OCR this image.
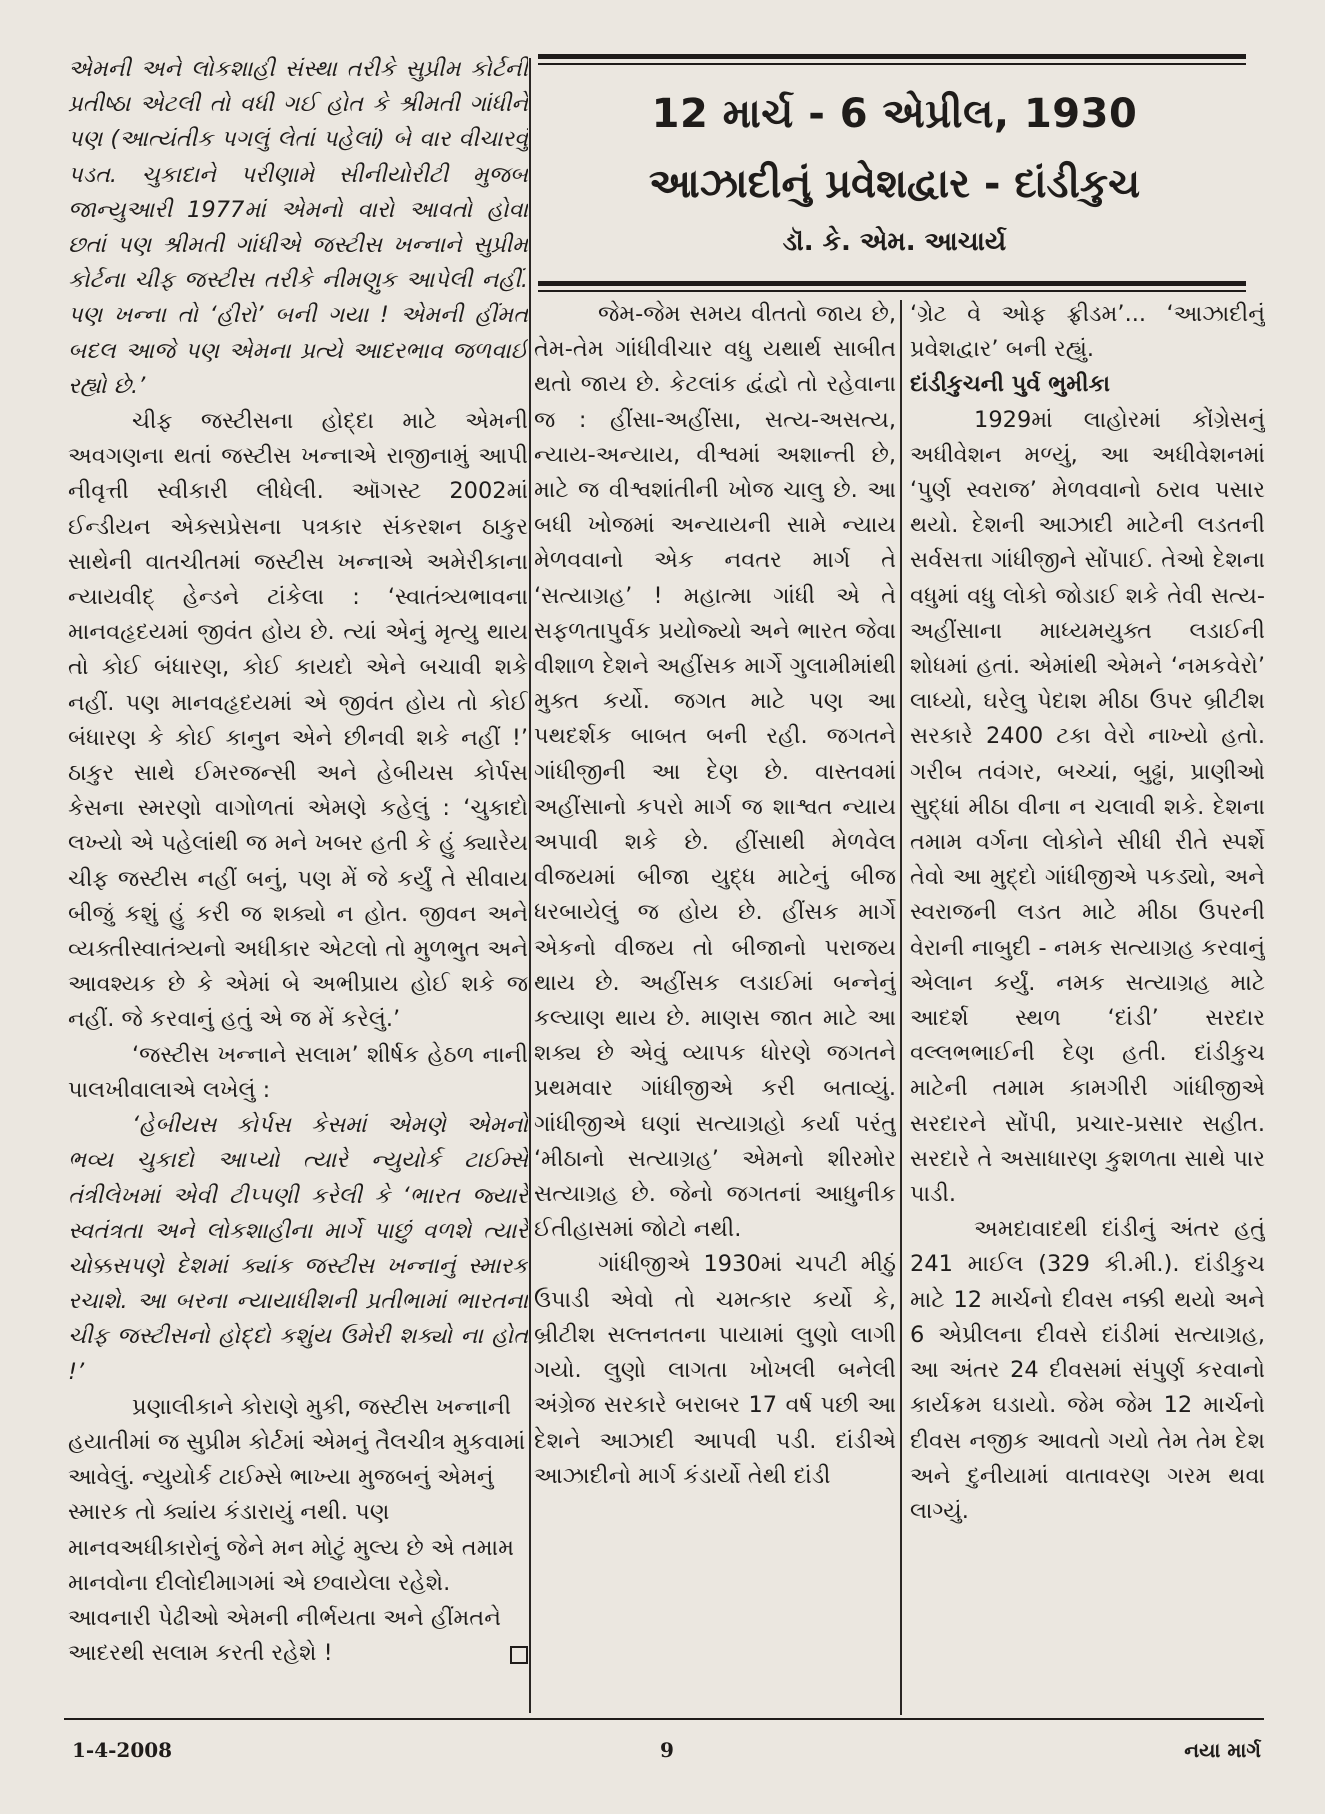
એમની અને લોકશાહી સંસ્થા તરીકે સુપ્રીમ કોર્ટની પ્રતીષ્ઠા એટલી તો વધી ગઈ હોત કે શ્રીમતી ગાંધીને પણ (આત્યંતીક પગલું લેતાં પહેલાં) બે વાર વીચારવું પડત. ચુકાદાને પરીણામે સીનીયોરીટી મુજબ જાન્યુઆરી 1977માં એમનો વારો આવતો હોવા છતાં પણ શ્રીમતી ગાંધીએ જસ્ટીસ ખન્નાને સુપ્રીમ કોર્ટના ચીફ જસ્ટીસ તરીકે નીમણુક આપેલી નહીં. પણ ખન્ના તો ‘હીરો’ બની ગયા ! એમની હીંમત બદલ આજે પણ એમના પ્રત્યે આદરભાવ જળવાઈ રહ્યો છે.’

ચીફ જસ્ટીસના હોદ્દા માટે એમની અવગણના થતાં જસ્ટીસ ખન્નાએ રાજીનામું આપી નીવૃત્તી સ્વીકારી લીધેલી. ઑગસ્ટ 2002માં ઈન્ડીયન એક્સપ્રેસના પત્રકાર સંકરશન ઠાકુર સાથેની વાતચીતમાં જસ્ટીસ ખન્નાએ અમેરીકાના ન્યાયવીદ્ હેન્ડને ટાંકેલા : ‘સ્વાતંત્ર્યભાવના માનવહૃદયમાં જીવંત હોય છે. ત્યાં એનું મૃત્યુ થાય તો કોઈ બંધારણ, કોઈ કાયદો એને બચાવી શકે નહીં. પણ માનવહૃદયમાં એ જીવંત હોય તો કોઈ બંધારણ કે કોઈ કાનુન એને છીનવી શકે નહીં !’ ઠાકુર સાથે ઈમરજન્સી અને હેબીયસ કોર્પસ કેસના સ્મરણો વાગોળતાં એમણે કહેલું : ‘ચુકાદો લખ્યો એ પહેલાંથી જ મને ખબર હતી કે હું ક્યારેય ચીફ જસ્ટીસ નહીં બનું, પણ મેં જે કર્યું તે સીવાય બીજું કશું હું કરી જ શક્યો ન હોત. જીવન અને વ્યક્તીસ્વાતંત્ર્યનો અધીકાર એટલો તો મુળભુત અને આવશ્યક છે કે એમાં બે અભીપ્રાય હોઈ શકે જ નહીં. જે કરવાનું હતું એ જ મેં કરેલું.’

‘જસ્ટીસ ખન્નાને સલામ’ શીર્ષક હેઠળ નાની પાલખીવાલાએ લખેલું :

‘હેબીયસ કોર્પસ કેસમાં એમણે એમનો ભવ્ય ચુકાદો આપ્યો ત્યારે ન્યુયોર્ક ટાઈમ્સે તંત્રીલેખમાં એવી ટીપ્પણી કરેલી કે ‘ભારત જ્યારે સ્વતંત્રતા અને લોકશાહીના માર્ગે પાછું વળશે ત્યારે ચોક્કસપણે દેશમાં ક્યાંક જસ્ટીસ ખન્નાનું સ્મારક રચાશે. આ બરના ન્યાયાધીશની પ્રતીભામાં ભારતના ચીફ જસ્ટીસનો હોદ્દો કશુંય ઉમેરી શક્યો ના હોત !’

પ્રણાલીકાને કોરાણે મુકી, જસ્ટીસ ખન્નાની હયાતીમાં જ સુપ્રીમ કોર્ટમાં એમનું તૈલચીત્ર મુકવામાં આવેલું. ન્યુયોર્ક ટાઈમ્સે ભાખ્યા મુજબનું એમનું સ્મારક તો ક્યાંય કંડારાયું નથી. પણ માનવઅધીકારોનું જેને મન મોટું મુલ્ય છે એ તમામ માનવોના દીલોદીમાગમાં એ છવાયેલા રહેશે. આવનારી પેઢીઓ એમની નીર્ભયતા અને હીંમતને આદરથી સલામ કરતી રહેશે !

12 માર્ચ - 6 એપ્રીલ, 1930
આઝાદીનું પ્રવેશદ્વાર - દાંડીકુચ
ડૉ. કે. એમ. આચાર્ય

જેમ-જેમ સમય વીતતો જાય છે, તેમ-તેમ ગાંધીવીચાર વધુ યથાર્થ સાબીત થતો જાય છે. કેટલાંક દ્વંદ્વો તો રહેવાના જ : હીંસા-અહીંસા, સત્ય-અસત્ય, ન્યાય-અન્યાય, વીશ્વમાં અશાન્તી છે, માટે જ વીશ્વશાંતીની ખોજ ચાલુ છે. આ બધી ખોજમાં અન્યાયની સામે ન્યાય મેળવવાનો એક નવતર માર્ગ તે ‘સત્યાગ્રહ’ ! મહાત્મા ગાંધી એ તે સફળતાપુર્વક પ્રયોજ્યો અને ભારત જેવા વીશાળ દેશને અહીંસક માર્ગે ગુલામીમાંથી મુક્ત કર્યો. જગત માટે પણ આ પથદર્શક બાબત બની રહી. જગતને ગાંધીજીની આ દેણ છે. વાસ્તવમાં અહીંસાનો કપરો માર્ગ જ શાશ્વત ન્યાય અપાવી શકે છે. હીંસાથી મેળવેલ વીજયમાં બીજા યુદ્ધ માટેનું બીજ ધરબાયેલું જ હોય છે. હીંસક માર્ગે એકનો વીજય તો બીજાનો પરાજય થાય છે. અહીંસક લડાઈમાં બન્નેનું કલ્યાણ થાય છે. માણસ જાત માટે આ શક્ય છે એવું વ્યાપક ધોરણે જગતને પ્રથમવાર ગાંધીજીએ કરી બતાવ્યું. ગાંધીજીએ ઘણાં સત્યાગ્રહો કર્યા પરંતુ ‘મીઠાનો સત્યાગ્રહ’ એમનો શીરમોર સત્યાગ્રહ છે. જેનો જગતનાં આધુનીક ઈતીહાસમાં જોટો નથી.

ગાંધીજીએ 1930માં ચપટી મીઠું ઉપાડી એવો તો ચમત્કાર કર્યો કે, બ્રીટીશ સલ્તનતના પાયામાં લુણો લાગી ગયો. લુણો લાગતા ખોખલી બનેલી અંગ્રેજ સરકારે બરાબર 17 વર્ષ પછી આ દેશને આઝાદી આપવી પડી. દાંડીએ આઝાદીનો માર્ગ કંડાર્યો તેથી દાંડી

‘ગ્રેટ વે ઓફ ફ્રીડમ’... ‘આઝાદીનું પ્રવેશદ્વાર’ બની રહ્યું.

દાંડીકુચની પુર્વ ભુમીકા

1929માં લાહોરમાં કોંગ્રેસનું અધીવેશન મળ્યું, આ અધીવેશનમાં ‘પુર્ણ સ્વરાજ’ મેળવવાનો ઠરાવ પસાર થયો. દેશની આઝાદી માટેની લડતની સર્વસત્તા ગાંધીજીને સોંપાઈ. તેઓ દેશના વધુમાં વધુ લોકો જોડાઈ શકે તેવી સત્ય-અહીંસાના માધ્યમયુક્ત લડાઈની શોધમાં હતાં. એમાંથી એમને ‘નમકવેરો’ લાધ્યો, ઘરેલુ પેદાશ મીઠા ઉપર બ્રીટીશ સરકારે 2400 ટકા વેરો નાખ્યો હતો. ગરીબ તવંગર, બચ્ચાં, બુઢ્ઢાં, પ્રાણીઓ સુદ્ધાં મીઠા વીના ન ચલાવી શકે. દેશના તમામ વર્ગના લોકોને સીધી રીતે સ્પર્શે તેવો આ મુદ્દો ગાંધીજીએ પકડ્યો, અને સ્વરાજની લડત માટે મીઠા ઉપરની વેરાની નાબુદી - નમક સત્યાગ્રહ કરવાનું એલાન કર્યું. નમક સત્યાગ્રહ માટે આદર્શ સ્થળ ‘દાંડી’ સરદાર વલ્લભભાઈની દેણ હતી. દાંડીકુચ માટેની તમામ કામગીરી ગાંધીજીએ સરદારને સોંપી, પ્રચાર-પ્રસાર સહીત. સરદારે તે અસાધારણ કુશળતા સાથે પાર પાડી.

અમદાવાદથી દાંડીનું અંતર હતું 241 માઈલ (329 કી.મી.). દાંડીકુચ માટે 12 માર્ચનો દીવસ નક્કી થયો અને 6 એપ્રીલના દીવસે દાંડીમાં સત્યાગ્રહ, આ અંતર 24 દીવસમાં સંપુર્ણ કરવાનો કાર્યક્રમ ઘડાયો. જેમ જેમ 12 માર્ચનો દીવસ નજીક આવતો ગયો તેમ તેમ દેશ અને દુનીયામાં વાતાવરણ ગરમ થવા લાગ્યું.

1-4-2008	9	નયા માર્ગ
